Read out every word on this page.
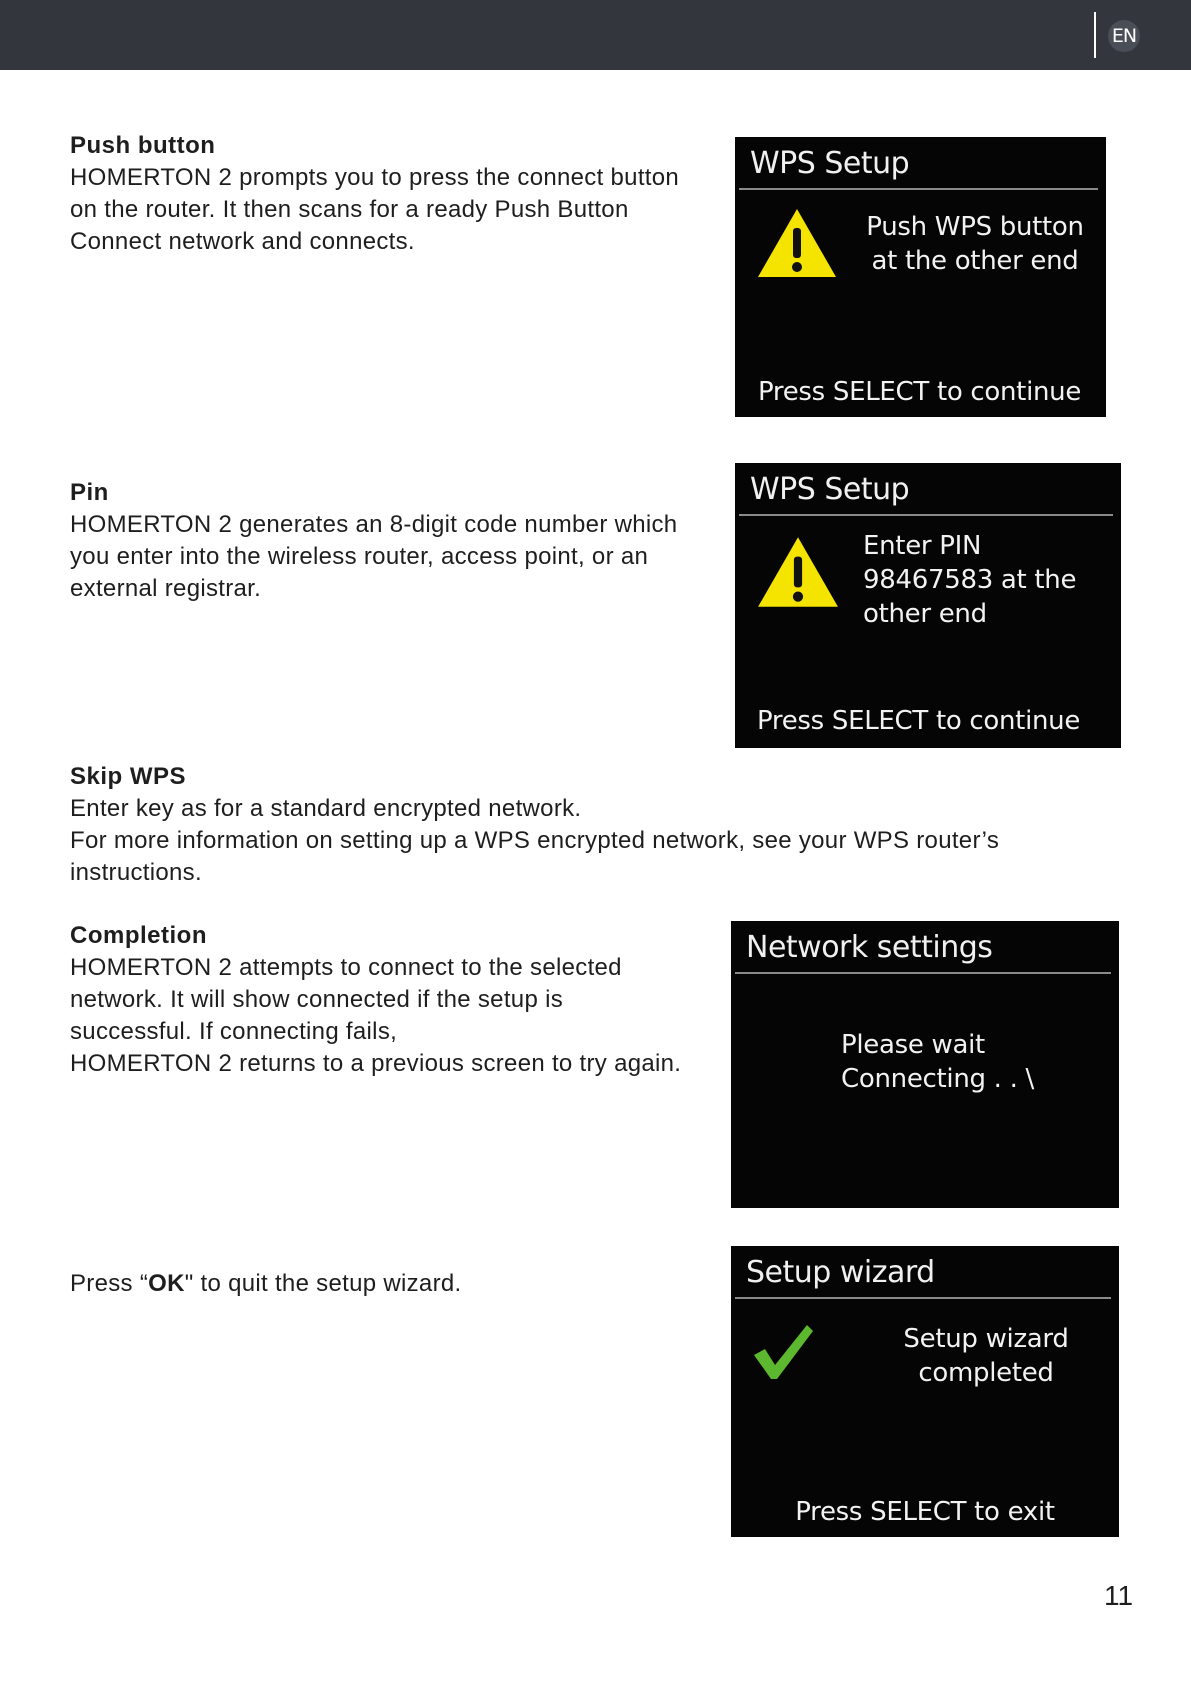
EN
Push button

HOMERTON 2 prompts you to press the connect button
on the router. It then scans for a ready Push Button
Connect network and connects.

WPS Setup
Push WPS button
at the other end
Press SELECT to continue
Pin

HOMERTON 2 generates an 8-digit code number which
you enter into the wireless router, access point, or an
external registrar.

WPS Setup
Enter PIN
98467583 at the
other end
Press SELECT to continue
Skip WPS

Enter key as for a standard encrypted network.
For more information on setting up a WPS encrypted network, see your WPS router’s
instructions.

Completion

HOMERTON 2 attempts to connect to the selected
network. It will show connected if the setup is
successful. If connecting fails,
HOMERTON 2 returns to a previous screen to try again.

Network settings
Please wait
Connecting . . \

Press “OK" to quit the setup wizard.	Setup wizard
Setup wizard
completed
Press SELECT to exit
11
